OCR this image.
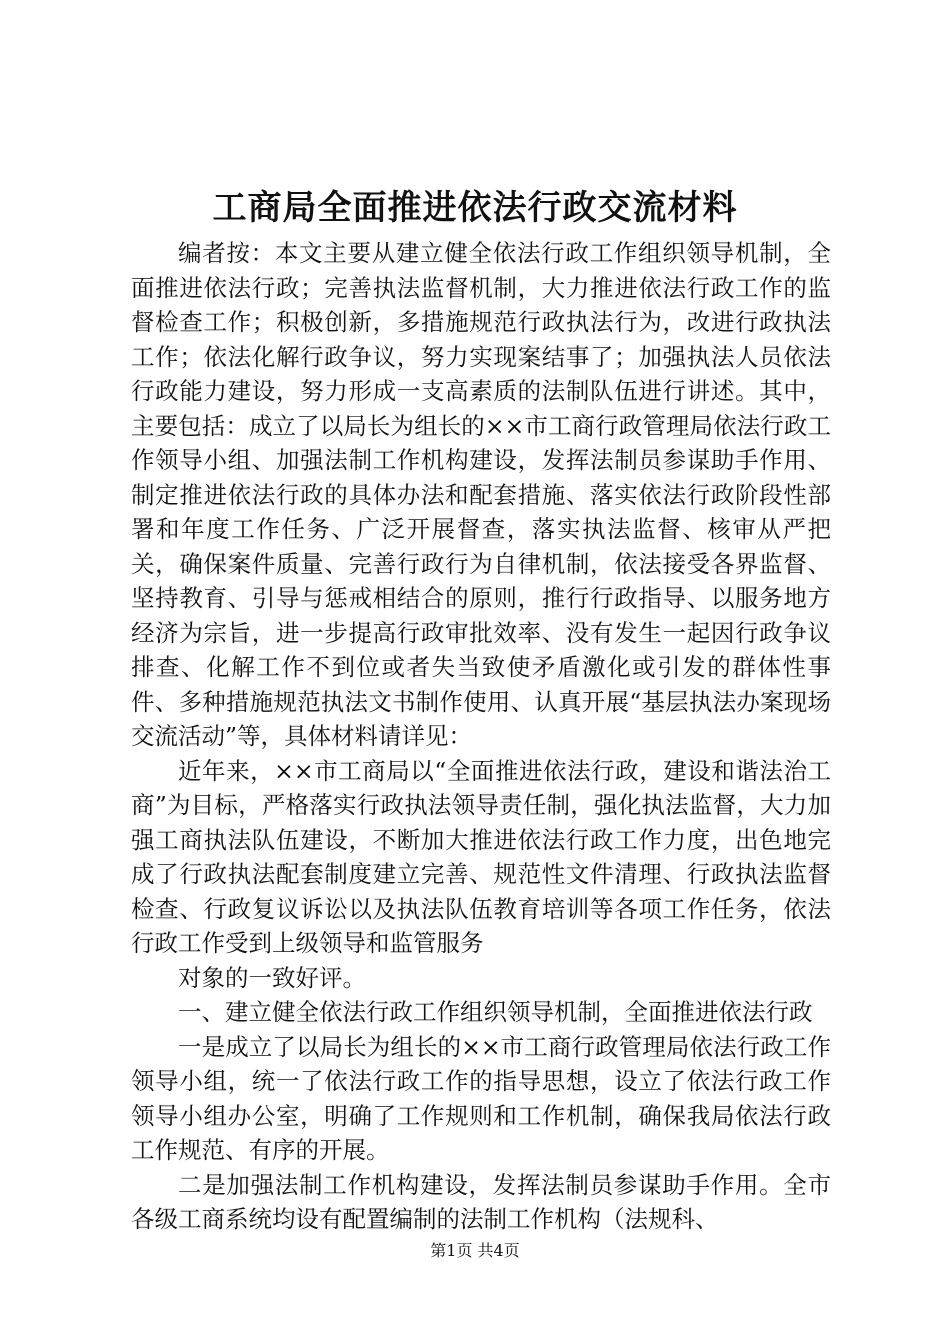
工商局全面推进依法行政交流材料

编者按：本文主要从建立健全依法行政工作组织领导机制，全面推进依法行政；完善执法监督机制，大力推进依法行政工作的监督检查工作；积极创新，多措施规范行政执法行为，改进行政执法工作；依法化解行政争议，努力实现案结事了；加强执法人员依法行政能力建设，努力形成一支高素质的法制队伍进行讲述。其中，主要包括：成立了以局长为组长的××市工商行政管理局依法行政工作领导小组、加强法制工作机构建设，发挥法制员参谋助手作用、制定推进依法行政的具体办法和配套措施、落实依法行政阶段性部署和年度工作任务、广泛开展督查，落实执法监督、核审从严把关，确保案件质量、完善行政行为自律机制，依法接受各界监督、坚持教育、引导与惩戒相结合的原则，推行行政指导、以服务地方经济为宗旨，进一步提高行政审批效率、没有发生一起因行政争议排查、化解工作不到位或者失当致使矛盾激化或引发的群体性事件、多种措施规范执法文书制作使用、认真开展“基层执法办案现场交流活动”等，具体材料请详见：

近年来，××市工商局以“全面推进依法行政，建设和谐法治工商”为目标，严格落实行政执法领导责任制，强化执法监督，大力加强工商执法队伍建设，不断加大推进依法行政工作力度，出色地完成了行政执法配套制度建立完善、规范性文件清理、行政执法监督检查、行政复议诉讼以及执法队伍教育培训等各项工作任务，依法行政工作受到上级领导和监管服务

对象的一致好评。

一、建立健全依法行政工作组织领导机制，全面推进依法行政

一是成立了以局长为组长的××市工商行政管理局依法行政工作领导小组，统一了依法行政工作的指导思想，设立了依法行政工作领导小组办公室，明确了工作规则和工作机制，确保我局依法行政工作规范、有序的开展。

二是加强法制工作机构建设，发挥法制员参谋助手作用。全市各级工商系统均设有配置编制的法制工作机构（法规科、

第1页 共4页
